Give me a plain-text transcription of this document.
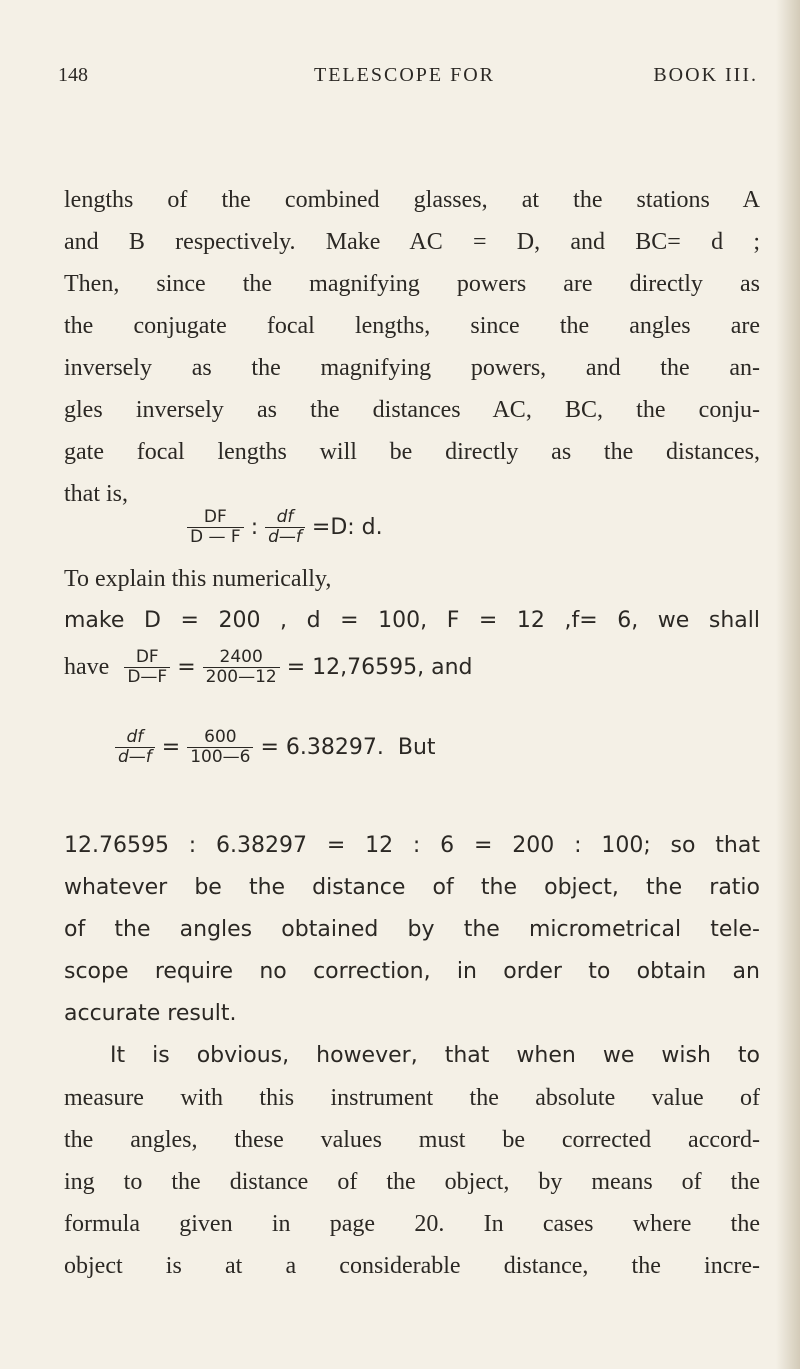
148	TELESCOPE FOR	BOOK III.
lengths of the combined glasses, at the stations A
and B respectively. Make AC = D, and BC= d ;
Then, since the magnifying powers are directly as
the conjugate focal lengths, since the angles are
inversely as the magnifying powers, and the an-
gles inversely as the distances AC, BC, the conju-
gate focal lengths will be directly as the distances,
that is,
$\frac{DF}{D — F}$ : $\frac{df}{d—f} =D$: d.
To explain this numerically,
make D = 200 , d = 100, F = 12 ,f= 6, we shall
have $\frac{DF}{D—F} = \frac{2400}{200—12} = 12,76595$, and
$\frac{df}{d—f} = \frac{600}{100—6} = 6.38297$. But
12.76595 : 6.38297 = 12 : 6 = 200 : 100; so that
whatever be the distance of the object, the ratio
of the angles obtained by the micrometrical tele-
scope require no correction, in order to obtain an
accurate result.
It is obvious, however, that when we wish to
measure with this instrument the absolute value of
the angles, these values must be corrected accord-
ing to the distance of the object, by means of the
formula given in page 20. In cases where the
object is at a considerable distance, the incre-
